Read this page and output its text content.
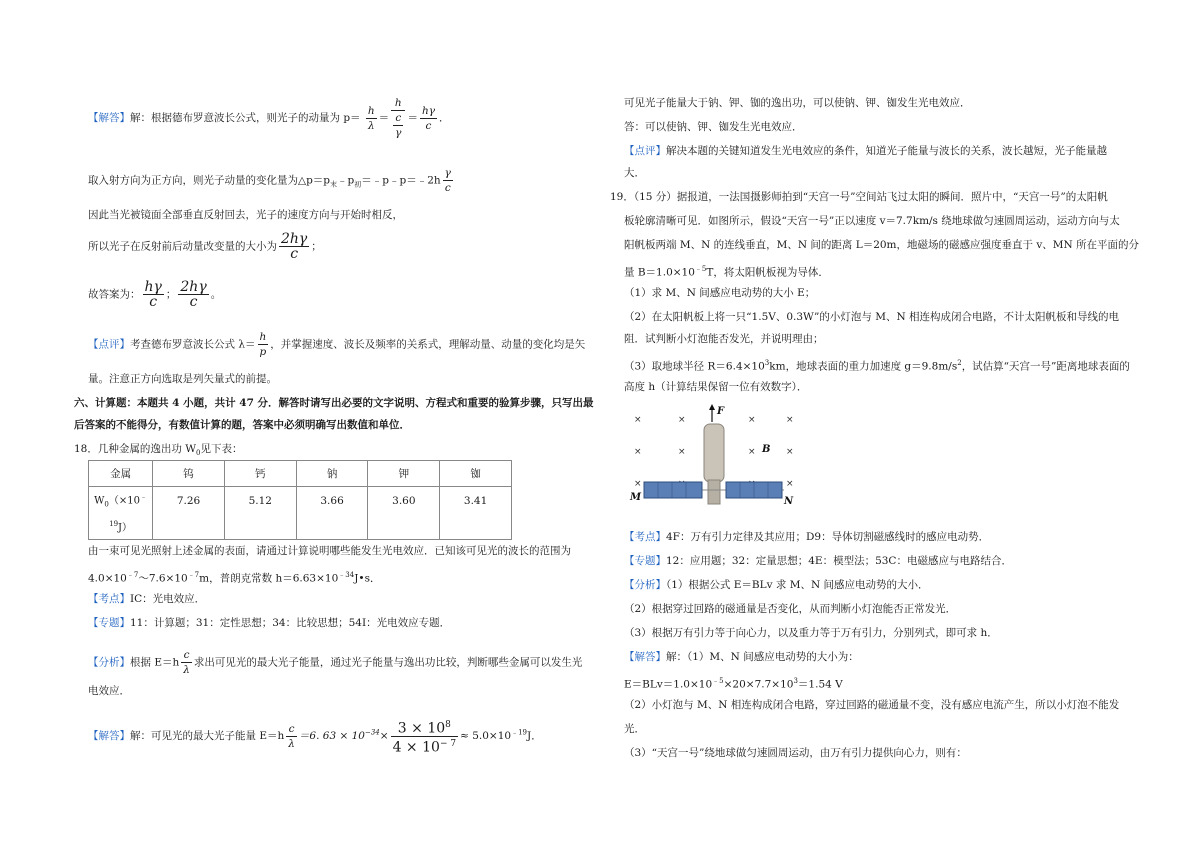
【解答】解：根据德布罗意波长公式，则光子的动量为 $p= \frac{h}{\lambda} = \frac{h}{\frac{c}{\gamma}} = \frac{h\gamma}{c}$ ．
取入射方向为正方向，则光子动量的变化量为$\triangle p=p_末﹣p_初=﹣p﹣p=﹣2h \frac{\gamma}{c}$
因此当光被镜面全部垂直反射回去，光子的速度方向与开始时相反，
所以光子在反射前后动量改变量的大小为 $\frac{2h\gamma}{c}$ ；
故答案为： $\frac{h\gamma}{c}$ ； $\frac{2h\gamma}{c}$ 。
【点评】考查德布罗意波长公式 $\lambda= \frac{h}{p}$ ，并掌握速度、波长及频率的关系式，理解动量、动量的变化均是矢
量。注意正方向选取是列矢量式的前提。
六、计算题：本题共 4 小题，共计 47 分．解答时请写出必要的文字说明、方程式和重要的验算步骤，只写出最
后答案的不能得分，有数值计算的题，答案中必须明确写出数值和单位．
18．几种金属的逸出功 $W_0$见下表：
金属	钨	钙	钠	钾	铷
$W_0(\times 10^﹣$
$^{19}$J）	7.26	5.12	3.66	3.60	3.41
由一束可见光照射上述金属的表面，请通过计算说明哪些能发生光电效应．已知该可见光的波长的范围为
$4.0\times 10^{﹣7}\sim 7.6\times 10^{﹣7}m$，普朗克常数 $h=6.63\times 10^{﹣34}J•s$．
【考点】IC：光电效应．
【专题】11：计算题；31：定性思想；34：比较思想；54I：光电效应专题．
【分析】根据 $E=h \frac{c}{\lambda}$ 求出可见光的最大光子能量，通过光子能量与逸出功比较，判断哪些金属可以发生光
电效应．
【解答】解：可见光的最大光子能量 $E=h \frac{c}{\lambda} =6$. $63 \times 10^{-34}\times \frac{3 \times 10^8}{4 \times 10^{- 7}} \approx 5.0\times 10^{﹣19}J$．
可见光子能量大于钠、钾、铷的逸出功，可以使钠、钾、铷发生光电效应．
答：可以使钠、钾、铷发生光电效应．
【点评】解决本题的关键知道发生光电效应的条件，知道光子能量与波长的关系，波长越短，光子能量越
大．
19．（15 分）据报道，一法国摄影师拍到“天宫一号”空间站飞过太阳的瞬间．照片中，“天宫一号”的太阳帆
板轮廓清晰可见．如图所示，假设“天宫一号”正以速度 v＝7.7km/s 绕地球做匀速圆周运动，运动方向与太
阳帆板两端 M、N 的连线垂直，M、N 间的距离 L＝20m，地磁场的磁感应强度垂直于 v、MN 所在平面的分
量 $B=1.0\times 10^{﹣5}T$，将太阳帆板视为导体．
（1）求 M、N 间感应电动势的大小 E；
（2）在太阳帆板上将一只“1.5V、0.3W”的小灯泡与 M、N 相连构成闭合电路，不计太阳帆板和导线的电
阻．试判断小灯泡能否发光，并说明理由；
（3）取地球半径 $R=6.4\times 10^3km$，地球表面的重力加速度 $g=9.8m/s^2$，试估算“天宫一号”距离地球表面的
高度 h（计算结果保留一位有效数字）．
×	×	×	×
×	×	×	×
×	×
F
B
M	N
【考点】4F：万有引力定律及其应用；D9：导体切割磁感线时的感应电动势．
【专题】12：应用题；32：定量思想；4E：模型法；53C：电磁感应与电路结合．
【分析】（1）根据公式 E＝BLv 求 M、N 间感应电动势的大小．
（2）根据穿过回路的磁通量是否变化，从而判断小灯泡能否正常发光．
（3）根据万有引力等于向心力，以及重力等于万有引力，分别列式，即可求 h．
【解答】解：（1）M、N 间感应电动势的大小为：
$E=BLv=1.0\times 10^{﹣5}\times 20\times 7.7\times 10^3=1.54$ V
（2）小灯泡与 M、N 相连构成闭合电路，穿过回路的磁通量不变，没有感应电流产生，所以小灯泡不能发
光．
（3）“天宫一号”绕地球做匀速圆周运动，由万有引力提供向心力，则有：
